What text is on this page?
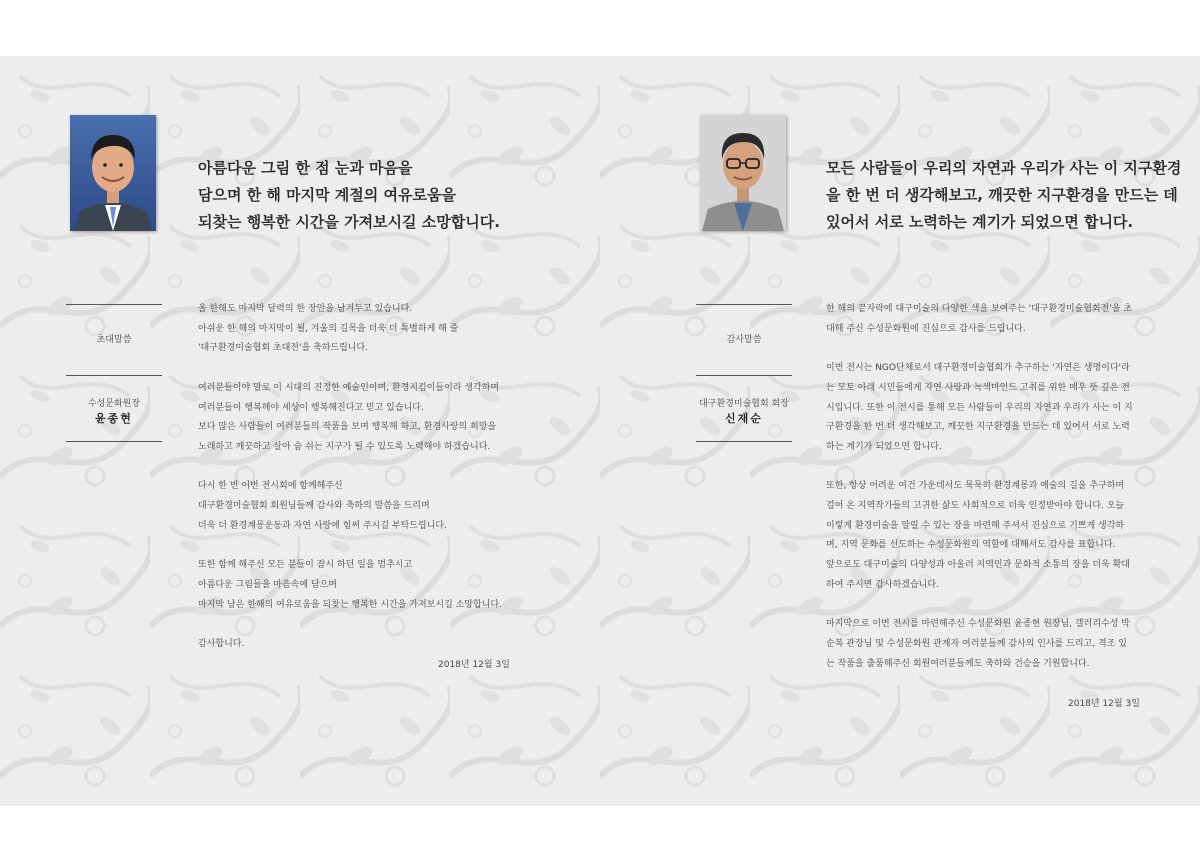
아름다운 그림 한 점 눈과 마음을
담으며 한 해 마지막 계절의 여유로움을
되찾는 행복한 시간을 가져보시길 소망합니다.
초대말씀
수성문화원장
윤종현

올 한해도 마지막 달력의 한 장만을 남겨두고 있습니다.
아쉬운 한 해의 마지막이 될, 겨울의 길목을 더욱 더 특별하게 해 줄
'대구환경미술협회 초대전'을 축하드립니다.

여러분들이야 말로 이 시대의 진정한 예술인이며, 환경지킴이들이라 생각하며
여러분들이 행복해야 세상이 행복해진다고 믿고 있습니다.
보다 많은 사람들이 여러분들의 작품을 보며 행복해 하고, 환경사랑의 희망을
노래하고 깨끗하고 살아 숨 쉬는 지구가 될 수 있도록 노력해야 하겠습니다.

다시 한 번 이번 전시회에 함께해주신
대구환경미술협회 회원님들께 감사와 축하의 말씀을 드리며
더욱 더 환경계몽운동과 자연 사랑에 힘써 주시길 부탁드립니다.

또한 함께 해주신 모든 분들이 잠시 하던 일을 멈추시고
아름다운 그림들을 마음속에 담으며
마지막 남은 한해의 여유로움을 되찾는 행복한 시간을 가져보시길 소망합니다.

감사합니다.

2018년 12월 3일
모든 사람들이 우리의 자연과 우리가 사는 이 지구환경
을 한 번 더 생각해보고, 깨끗한 지구환경을 만드는 데
있어서 서로 노력하는 계기가 되었으면 합니다.
감사말씀
대구환경미술협회 회장
신재순

한 해의 끝자락에 대구미술의 다양한 색을 보여주는 '대구환경미술협회전'을 초
대해 주신 수성문화원에 진심으로 감사를 드립니다.

이번 전시는 NGO단체로서 대구환경미술협회가 추구하는 '자연은 생명이다'라
는 모토 아래 시민들에게 자연 사랑과 녹색마인드 고취를 위한 매우 뜻 깊은 전
시입니다. 또한 이 전시를 통해 모든 사람들이 우리의 자연과 우리가 사는 이 지
구환경을 한 번 더 생각해보고, 깨끗한 지구환경을 만드는 데 있어서 서로 노력
하는 계기가 되었으면 합니다.

또한, 항상 어려운 여건 가운데서도 묵묵히 환경계몽과 예술의 길을 추구하며
걸어 온 지역작가들의 고귀한 삶도 사회적으로 더욱 인정받아야 합니다. 오늘
이렇게 환경미술을 알릴 수 있는 장을 마련해 주셔서 진심으로 기쁘게 생각하
며, 지역 문화를 선도하는 수성문화원의 역할에 대해서도 감사를 표합니다.
앞으로도 대구미술의 다양성과 아울러 지역민과 문화적 소통의 장을 더욱 확대
하여 주시면 감사하겠습니다.

마지막으로 이번 전시를 마련해주신 수성문화원 윤종현 원장님, 갤러리수성 박
순복 관장님 및 수성문화원 관계자 여러분들께 감사의 인사를 드리고, 격조 있
는 작품을 출품해주신 회원여러분들께도 축하와 건승을 기원합니다.

2018년 12월 3일
